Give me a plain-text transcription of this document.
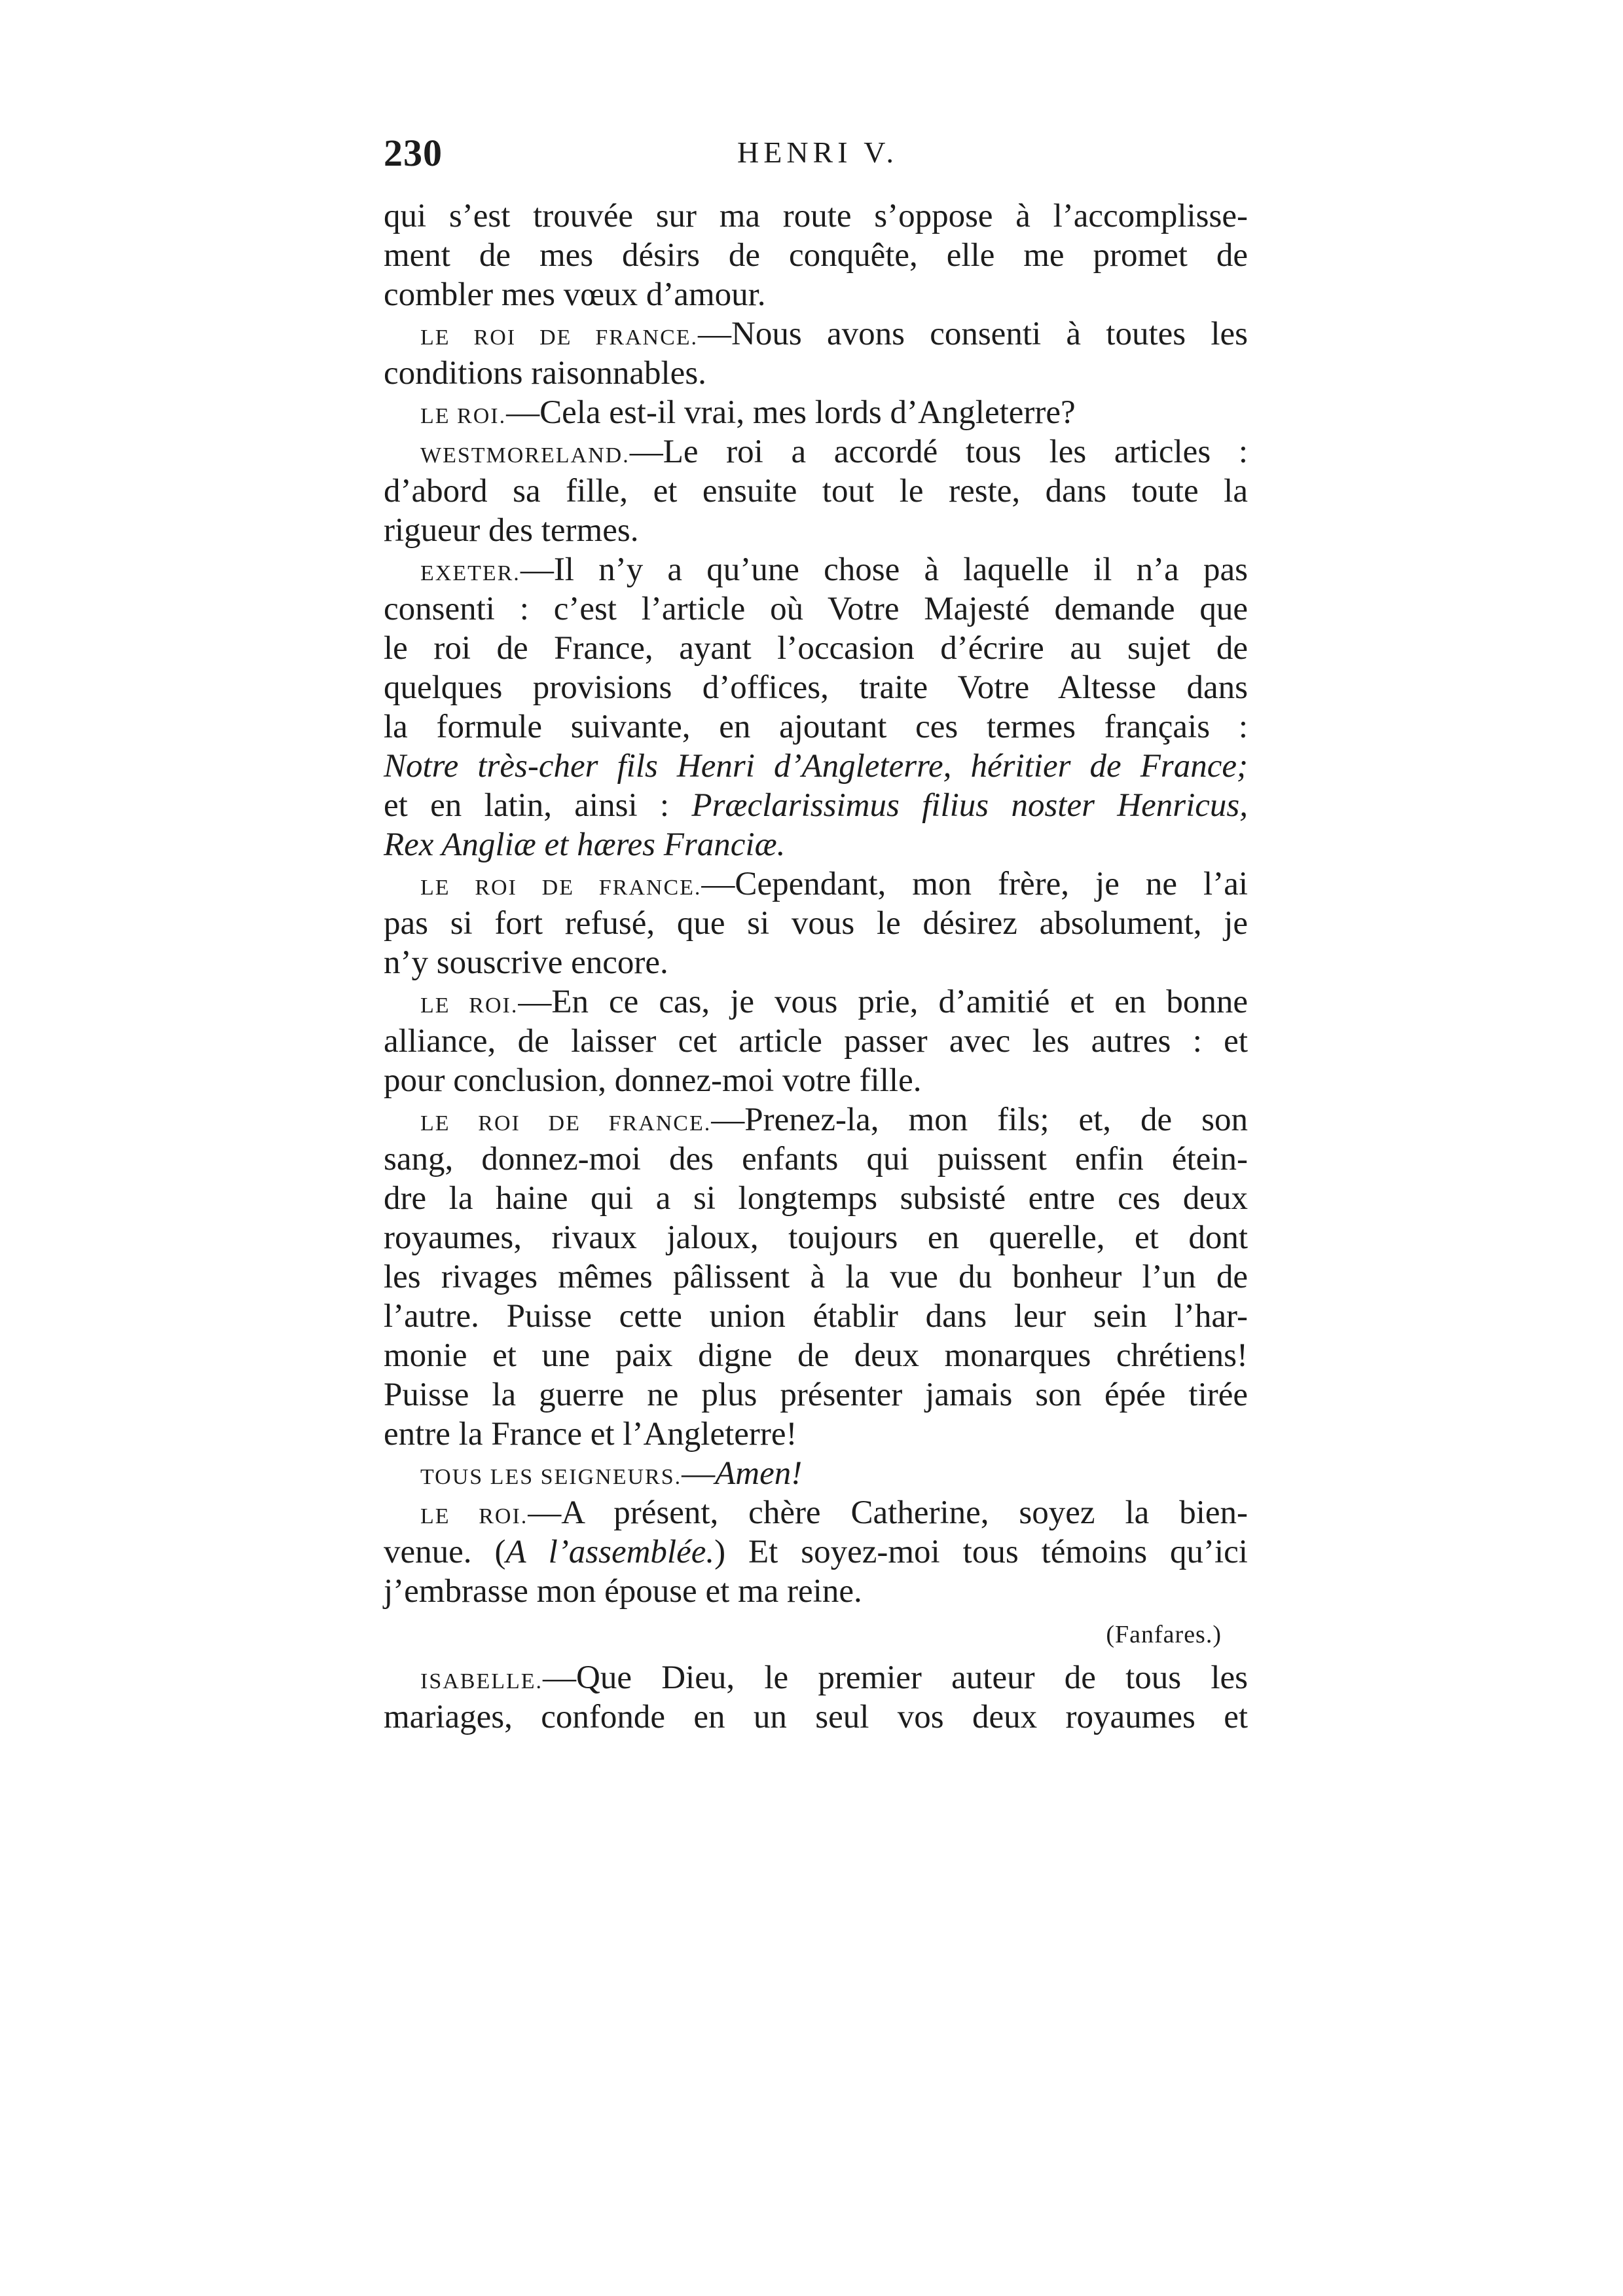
230	HENRI V.
qui s’est trouvée sur ma route s’oppose à l’accomplisse-
ment de mes désirs de conquête, elle me promet de
combler mes vœux d’amour.
LE ROI DE FRANCE.—Nous avons consenti à toutes les
conditions raisonnables.
LE ROI.—Cela est-il vrai, mes lords d’Angleterre?
WESTMORELAND.—Le roi a accordé tous les articles :
d’abord sa fille, et ensuite tout le reste, dans toute la
rigueur des termes.
EXETER.—Il n’y a qu’une chose à laquelle il n’a pas
consenti : c’est l’article où Votre Majesté demande que
le roi de France, ayant l’occasion d’écrire au sujet de
quelques provisions d’offices, traite Votre Altesse dans
la formule suivante, en ajoutant ces termes français :
Notre très-cher fils Henri d’Angleterre, héritier de France;
et en latin, ainsi : Præclarissimus filius noster Henricus,
Rex Angliæ et hæres Franciæ.
LE ROI DE FRANCE.—Cependant, mon frère, je ne l’ai
pas si fort refusé, que si vous le désirez absolument, je
n’y souscrive encore.
LE ROI.—En ce cas, je vous prie, d’amitié et en bonne
alliance, de laisser cet article passer avec les autres : et
pour conclusion, donnez-moi votre fille.
LE ROI DE FRANCE.—Prenez-la, mon fils; et, de son
sang, donnez-moi des enfants qui puissent enfin étein-
dre la haine qui a si longtemps subsisté entre ces deux
royaumes, rivaux jaloux, toujours en querelle, et dont
les rivages mêmes pâlissent à la vue du bonheur l’un de
l’autre. Puisse cette union établir dans leur sein l’har-
monie et une paix digne de deux monarques chrétiens!
Puisse la guerre ne plus présenter jamais son épée tirée
entre la France et l’Angleterre!
TOUS LES SEIGNEURS.—Amen!
LE ROI.—A présent, chère Catherine, soyez la bien-
venue. (A l’assemblée.) Et soyez-moi tous témoins qu’ici
j’embrasse mon épouse et ma reine.
(Fanfares.)
ISABELLE.—Que Dieu, le premier auteur de tous les
mariages, confonde en un seul vos deux royaumes et
